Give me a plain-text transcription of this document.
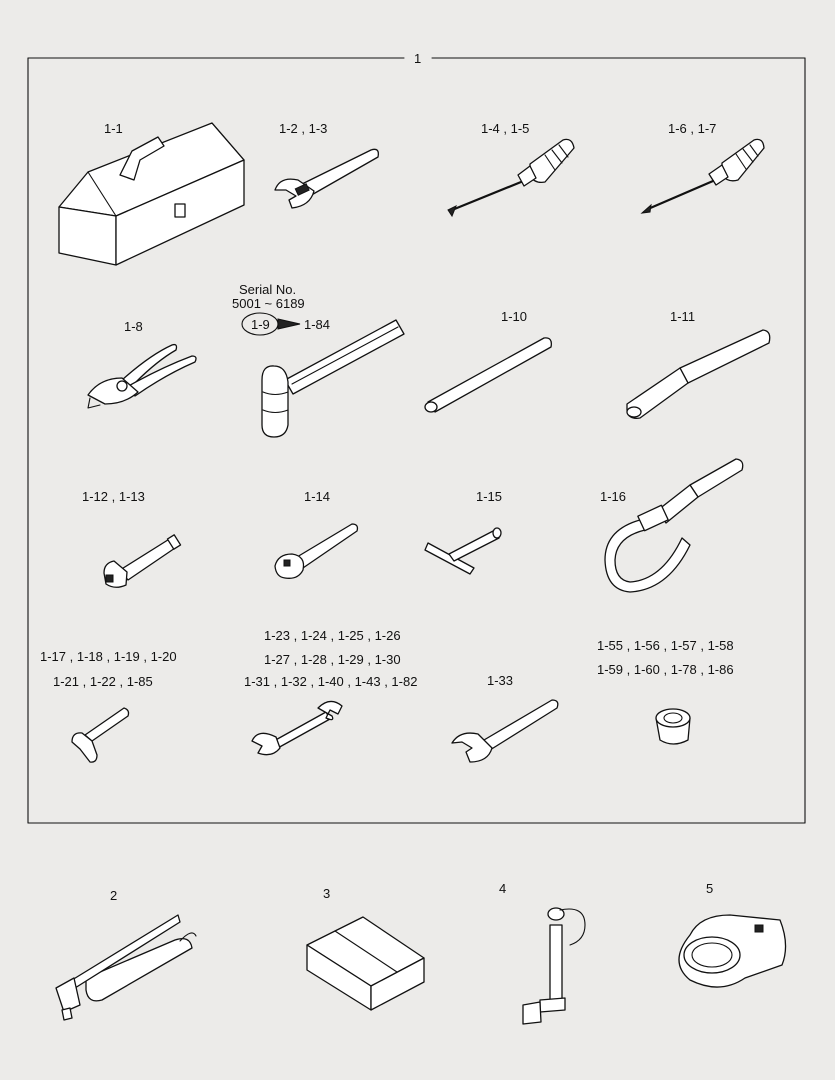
1
1-1	1-2 , 1-3	1-4 , 1-5	1-6 , 1-7
1-8
Serial No.
5001 ~ 6189
1-9	1-84
1-10	1-11
1-12 , 1-13	1-14	1-15	1-16
1-17 , 1-18 , 1-19 , 1-20
1-21 , 1-22 , 1-85
1-23 , 1-24 , 1-25 , 1-26
1-27 , 1-28 , 1-29 , 1-30
1-31 , 1-32 , 1-40 , 1-43 , 1-82	1-33
1-55 , 1-56 , 1-57 , 1-58
1-59 , 1-60 , 1-78 , 1-86
2	3	4	5
